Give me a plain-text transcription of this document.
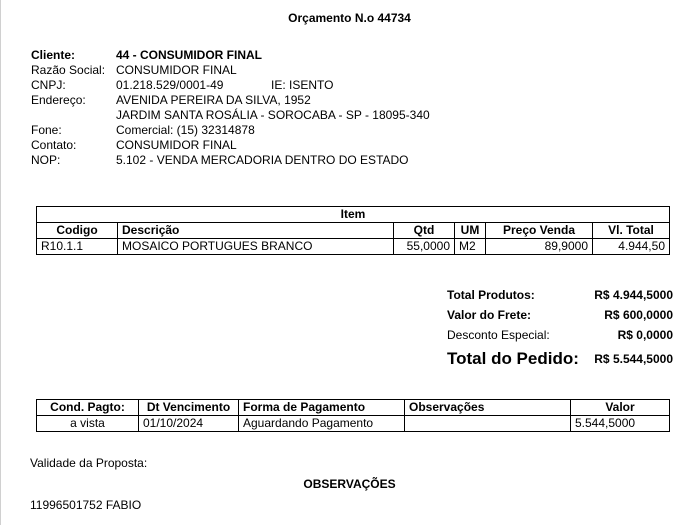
Orçamento N.o 44734
Cliente:	44 - CONSUMIDOR FINAL
Razão Social: CONSUMIDOR FINAL
CNPJ:	01.218.529/0001-49	IE: ISENTO
Endereço:	AVENIDA PEREIRA DA SILVA, 1952
JARDIM SANTA ROSÁLIA - SOROCABA - SP - 18095-340
Fone:	Comercial: (15) 32314878
Contato:	CONSUMIDOR FINAL
NOP:	5.102 - VENDA MERCADORIA DENTRO DO ESTADO
Item					
Codigo	Descrição	Qtd	UM	Preço Venda	Vl. Total
R10.1.1	MOSAICO PORTUGUES BRANCO	55,0000	M2	89,9000	4.944,50
Total Produtos:	R$ 4.944,5000
Valor do Frete:	R$ 600,0000
Desconto Especial:	R$ 0,0000
Total do Pedido: R$ 5.544,5000
Cond. Pagto:	Dt Vencimento	Forma de Pagamento	Observações	Valor
a vista	01/10/2024	Aguardando Pagamento		5.544,5000
Validade da Proposta:
OBSERVAÇÕES
11996501752 FABIO
